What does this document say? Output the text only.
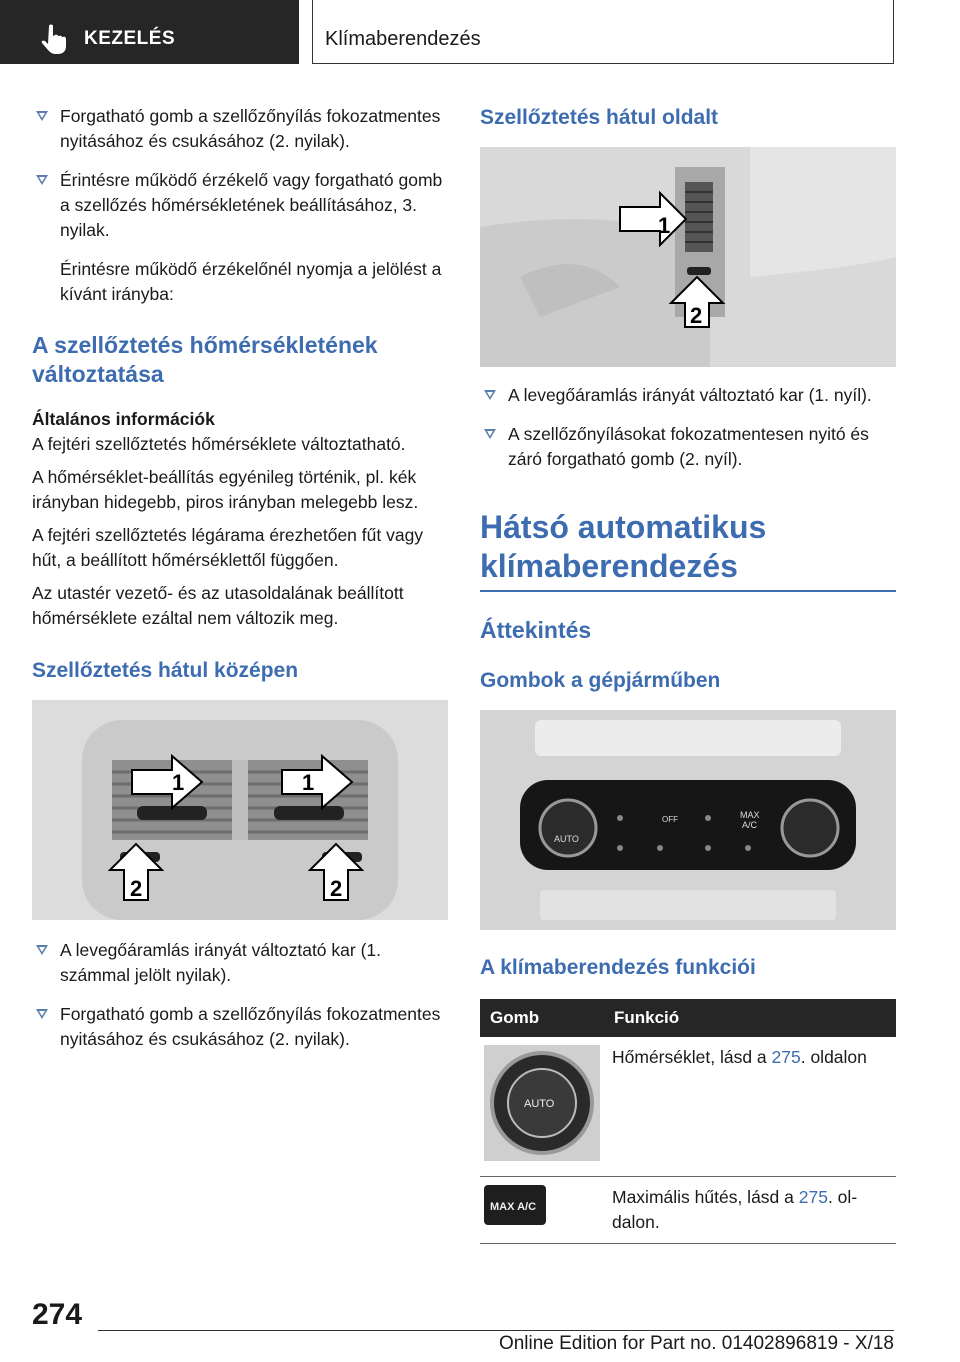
KEZELÉS	Klímaberendezés
Forgatható gomb a szellőzőnyílás fokozatmentes nyitásához és csukásához (2. nyilak).
Érintésre működő érzékelő vagy forgatható gomb a szellőzés hőmérsékletének beállításához, 3. nyilak.
Érintésre működő érzékelőnél nyomja a jelölést a kívánt irányba:
A szellőztetés hőmérsékletének változtatása
Általános információk
A fejtéri szellőztetés hőmérséklete változtatható.
A hőmérséklet-beállítás egyénileg történik, pl. kék irányban hidegebb, piros irányban melegebb lesz.
A fejtéri szellőztetés légárama érezhetően fűt vagy hűt, a beállított hőmérséklettől függően.
Az utastér vezető- és az utasoldalának beállított hőmérséklete ezáltal nem változik meg.
Szellőztetés hátul középen
1	1
2	2
A levegőáramlás irányát változtató kar (1. számmal jelölt nyilak).
Forgatható gomb a szellőzőnyílás fokozatmentes nyitásához és csukásához (2. nyilak).
Szellőztetés hátul oldalt
1
2
A levegőáramlás irányát változtató kar (1. nyíl).
A szellőzőnyílásokat fokozatmentesen nyitó és záró forgatható gomb (2. nyíl).
Hátsó automatikus klímaberendezés
Áttekintés
Gombok a gépjárműben
AUTO
OFF	MAX
A/C
A klímaberendezés funkciói
Gomb	Funkció

AUTO	Hőmérséklet, lásd a 275. oldalon

MAX A/C	Maximális hűtés, lásd a 275. oldalon.
274
Online Edition for Part no. 01402896819 - X/18
